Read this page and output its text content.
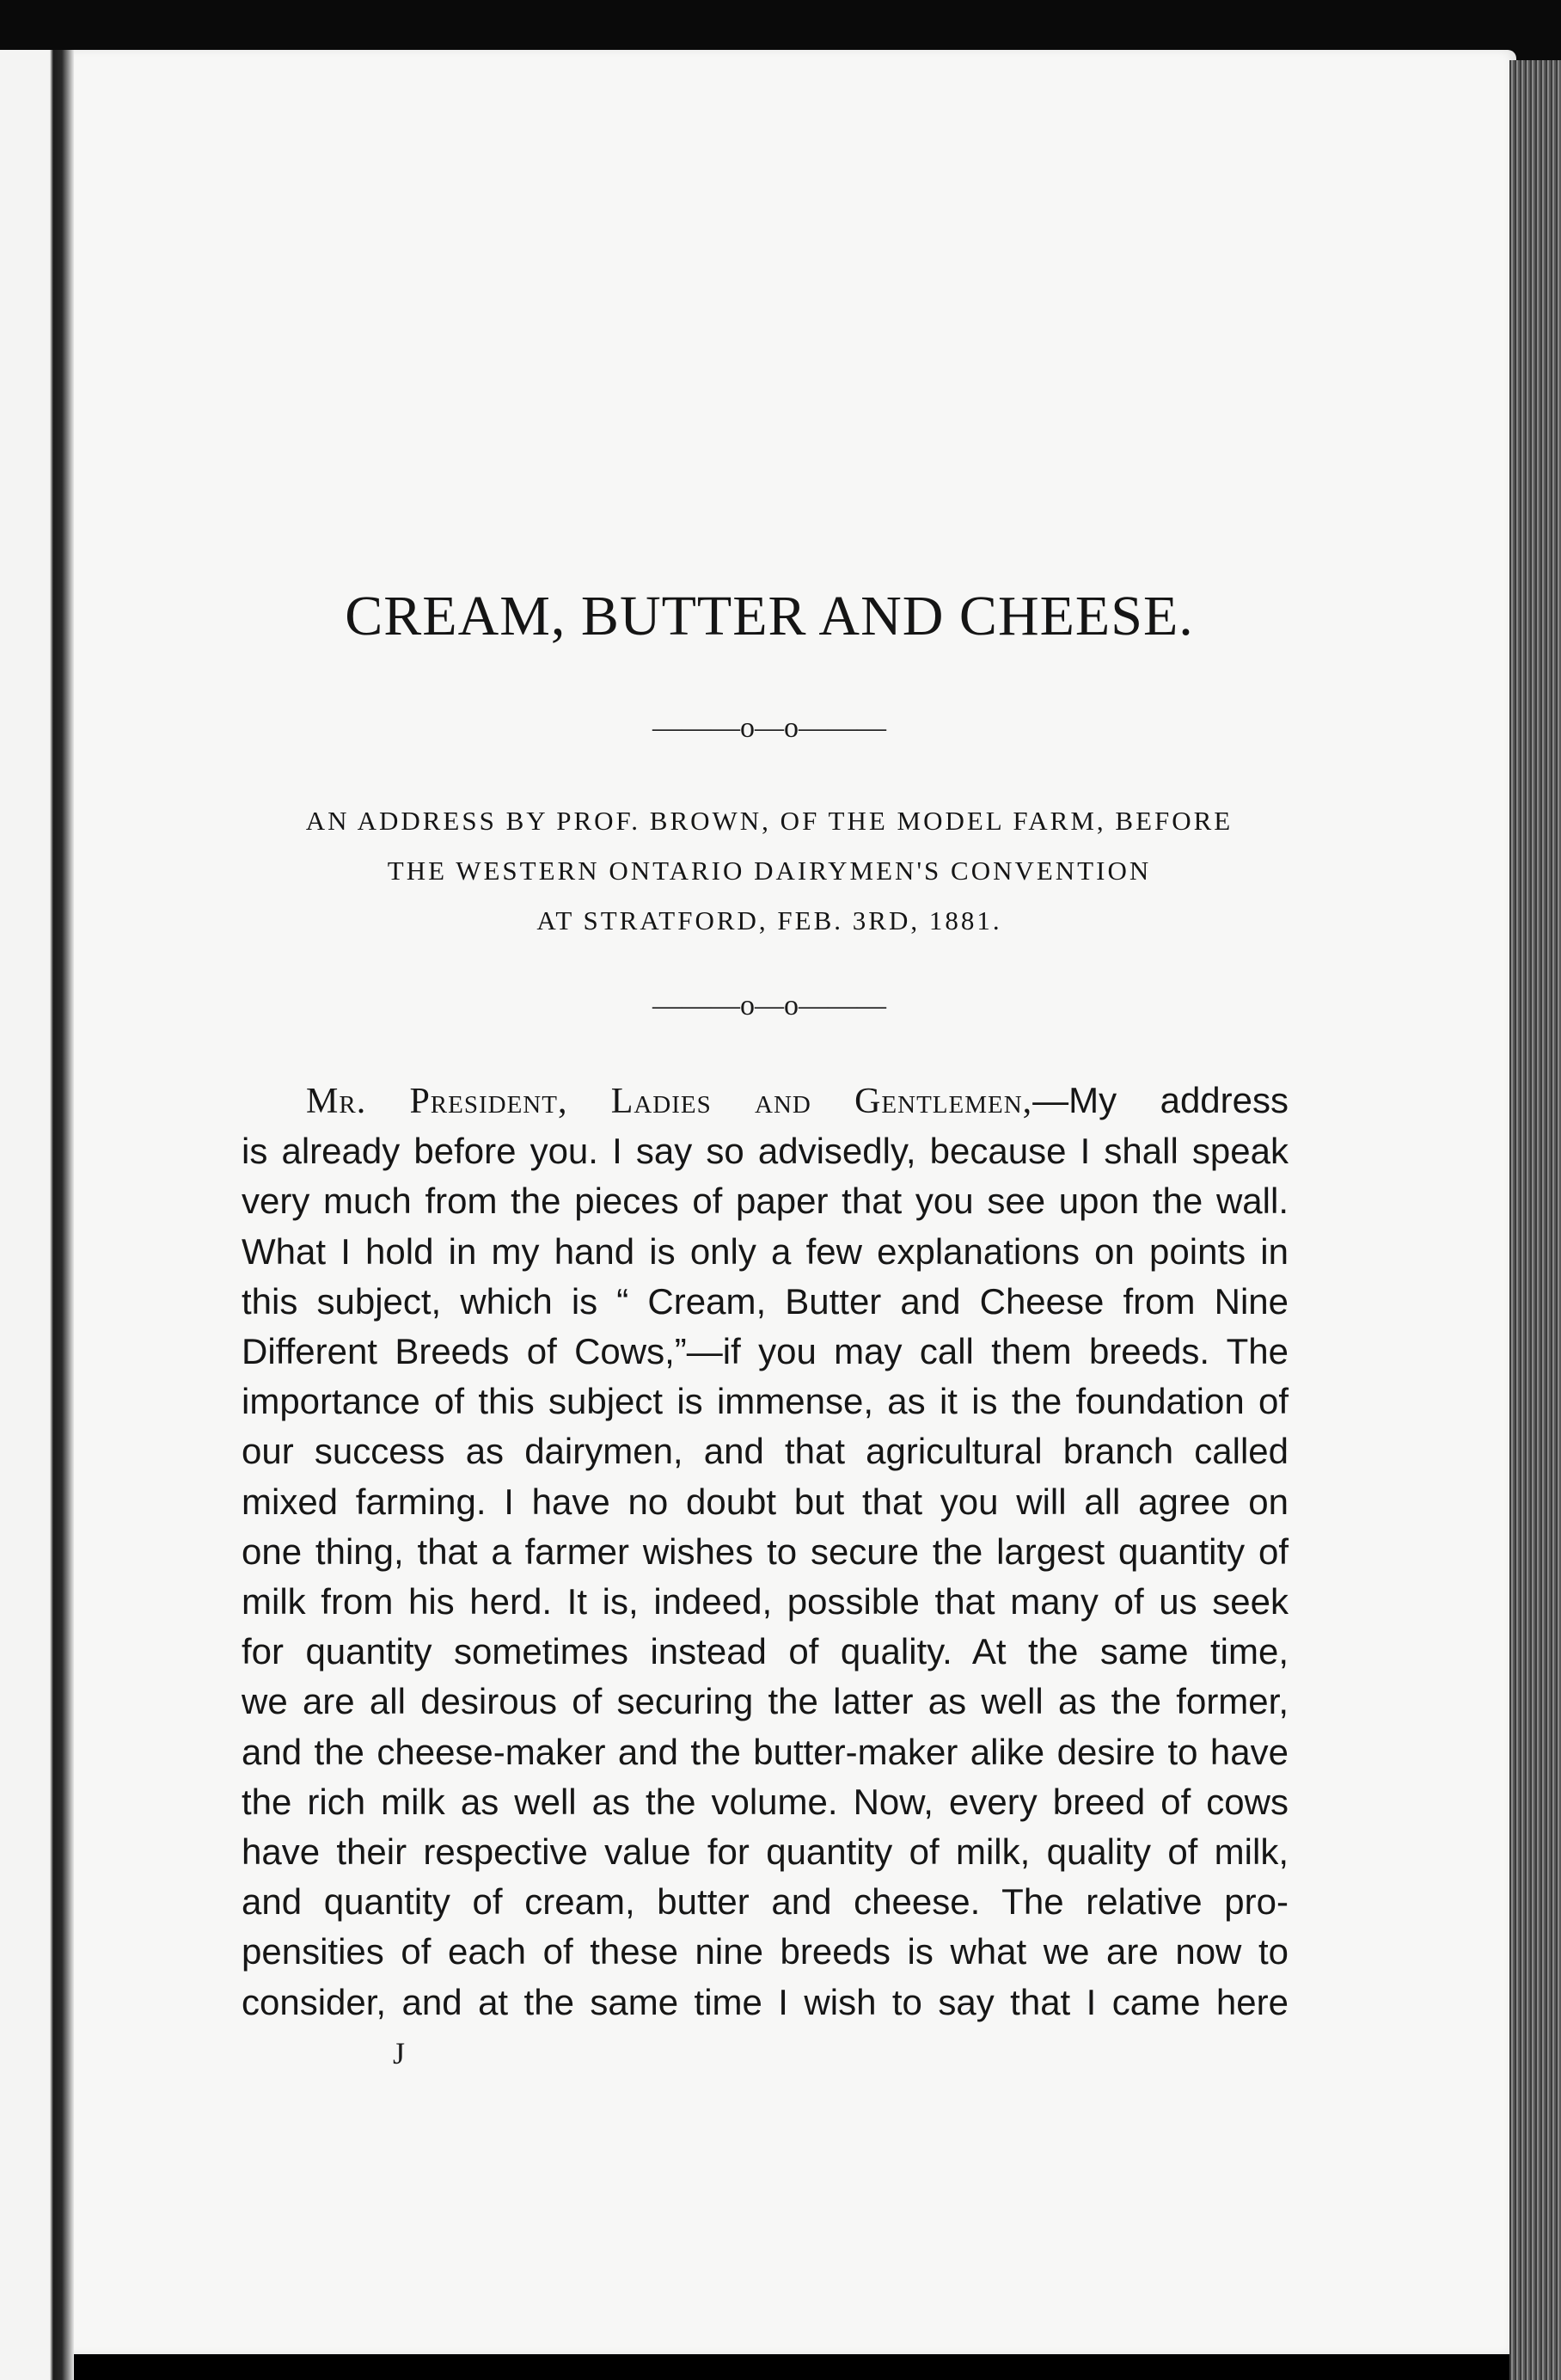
CREAM, BUTTER AND CHEESE.
———o—o———
AN ADDRESS BY PROF. BROWN, OF THE MODEL FARM, BEFORE
THE WESTERN ONTARIO DAIRYMEN'S CONVENTION
AT STRATFORD, FEB. 3RD, 1881.
———o—o———
Mr. President, Ladies and Gentlemen,—My address
is already before you. I say so advisedly, because I shall speak
very much from the pieces of paper that you see upon the wall.
What I hold in my hand is only a few explanations on points in
this subject, which is “ Cream, Butter and Cheese from Nine
Different Breeds of Cows,”—if you may call them breeds. The
importance of this subject is immense, as it is the foundation of
our success as dairymen, and that agricultural branch called
mixed farming. I have no doubt but that you will all agree on
one thing, that a farmer wishes to secure the largest quantity of
milk from his herd. It is, indeed, possible that many of us seek
for quantity sometimes instead of quality. At the same time,
we are all desirous of securing the latter as well as the former,
and the cheese-maker and the butter-maker alike desire to have
the rich milk as well as the volume. Now, every breed of cows
have their respective value for quantity of milk, quality of milk,
and quantity of cream, butter and cheese. The relative pro-
pensities of each of these nine breeds is what we are now to
consider, and at the same time I wish to say that I came here
J
